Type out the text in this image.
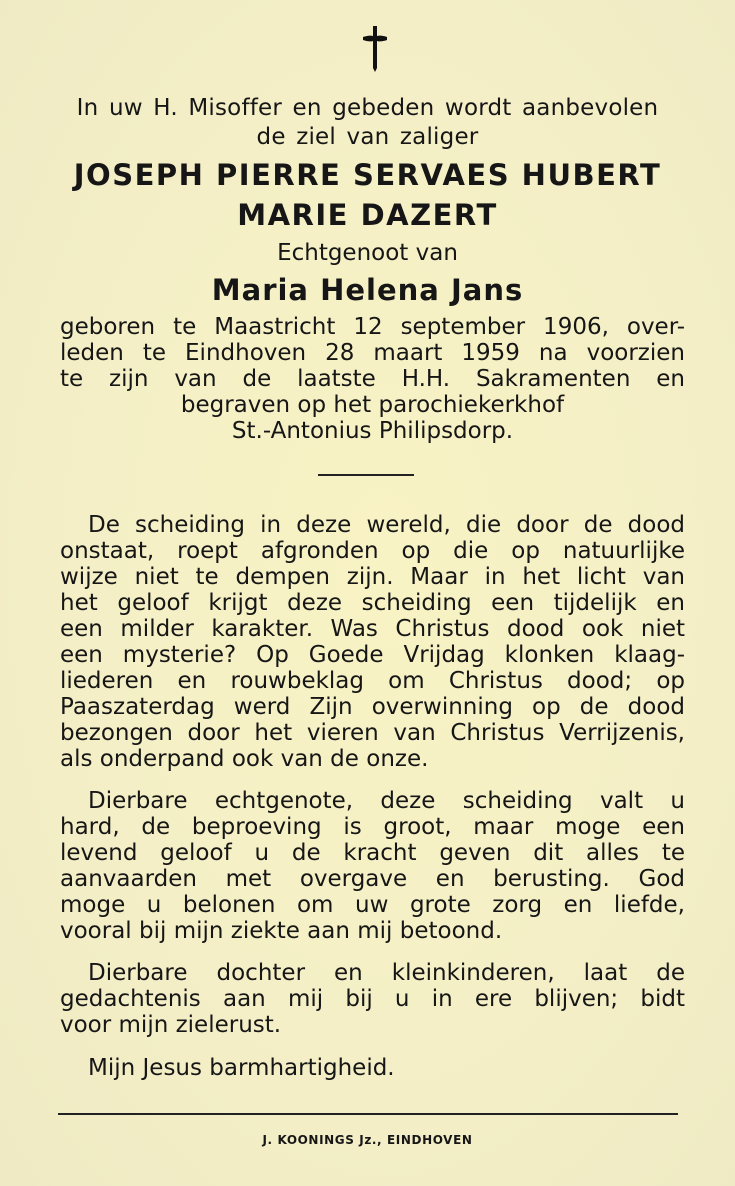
In uw H. Misoffer en gebeden wordt aanbevolen
de ziel van zaliger
JOSEPH PIERRE SERVAES HUBERT
MARIE DAZERT
Echtgenoot van
Maria Helena Jans
geboren te Maastricht 12 september 1906, over-
leden te Eindhoven 28 maart 1959 na voorzien
te zijn van de laatste H.H. Sakramenten en
begraven op het parochiekerkhof
St.-Antonius Philipsdorp.
De scheiding in deze wereld, die door de dood
onstaat, roept afgronden op die op natuurlijke
wijze niet te dempen zijn. Maar in het licht van
het geloof krijgt deze scheiding een tijdelijk en
een milder karakter. Was Christus dood ook niet
een mysterie? Op Goede Vrijdag klonken klaag-
liederen en rouwbeklag om Christus dood; op
Paaszaterdag werd Zijn overwinning op de dood
bezongen door het vieren van Christus Verrijzenis,
als onderpand ook van de onze.
Dierbare echtgenote, deze scheiding valt u
hard, de beproeving is groot, maar moge een
levend geloof u de kracht geven dit alles te
aanvaarden met overgave en berusting. God
moge u belonen om uw grote zorg en liefde,
vooral bij mijn ziekte aan mij betoond.
Dierbare dochter en kleinkinderen, laat de
gedachtenis aan mij bij u in ere blijven; bidt
voor mijn zielerust.
Mijn Jesus barmhartigheid.
J. KOONINGS Jz., EINDHOVEN
